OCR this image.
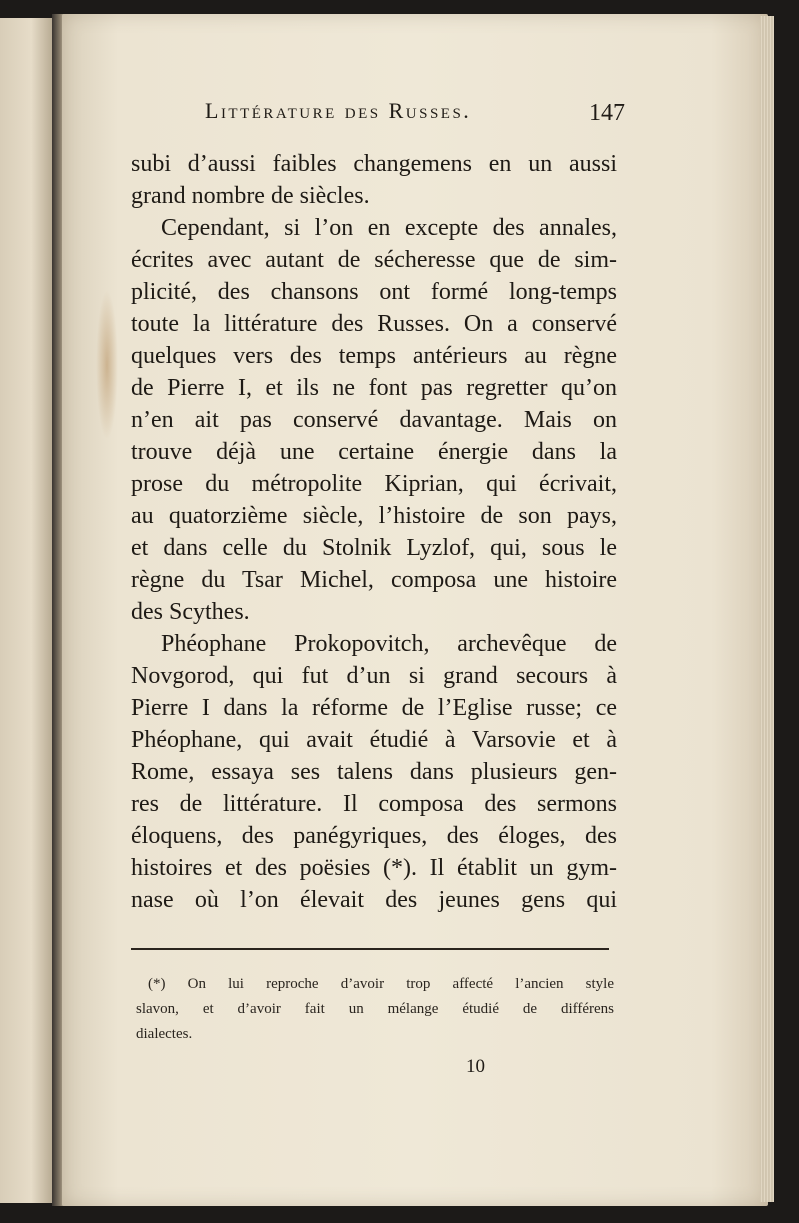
Littérature des Russes.	147
subi d’aussi faibles changemens en un aussi
grand nombre de siècles.
Cependant, si l’on en excepte des annales,
écrites avec autant de sécheresse que de sim-
plicité, des chansons ont formé long-temps
toute la littérature des Russes. On a conservé
quelques vers des temps antérieurs au règne
de Pierre I, et ils ne font pas regretter qu’on
n’en ait pas conservé davantage. Mais on
trouve déjà une certaine énergie dans la
prose du métropolite Kiprian, qui écrivait,
au quatorzième siècle, l’histoire de son pays,
et dans celle du Stolnik Lyzlof, qui, sous le
règne du Tsar Michel, composa une histoire
des Scythes.
Phéophane Prokopovitch, archevêque de
Novgorod, qui fut d’un si grand secours à
Pierre I dans la réforme de l’Eglise russe; ce
Phéophane, qui avait étudié à Varsovie et à
Rome, essaya ses talens dans plusieurs gen-
res de littérature. Il composa des sermons
éloquens, des panégyriques, des éloges, des
histoires et des poësies (*). Il établit un gym-
nase où l’on élevait des jeunes gens qui
(*) On lui reproche d’avoir trop affecté l’ancien style
slavon, et d’avoir fait un mélange étudié de différens
dialectes.
10
